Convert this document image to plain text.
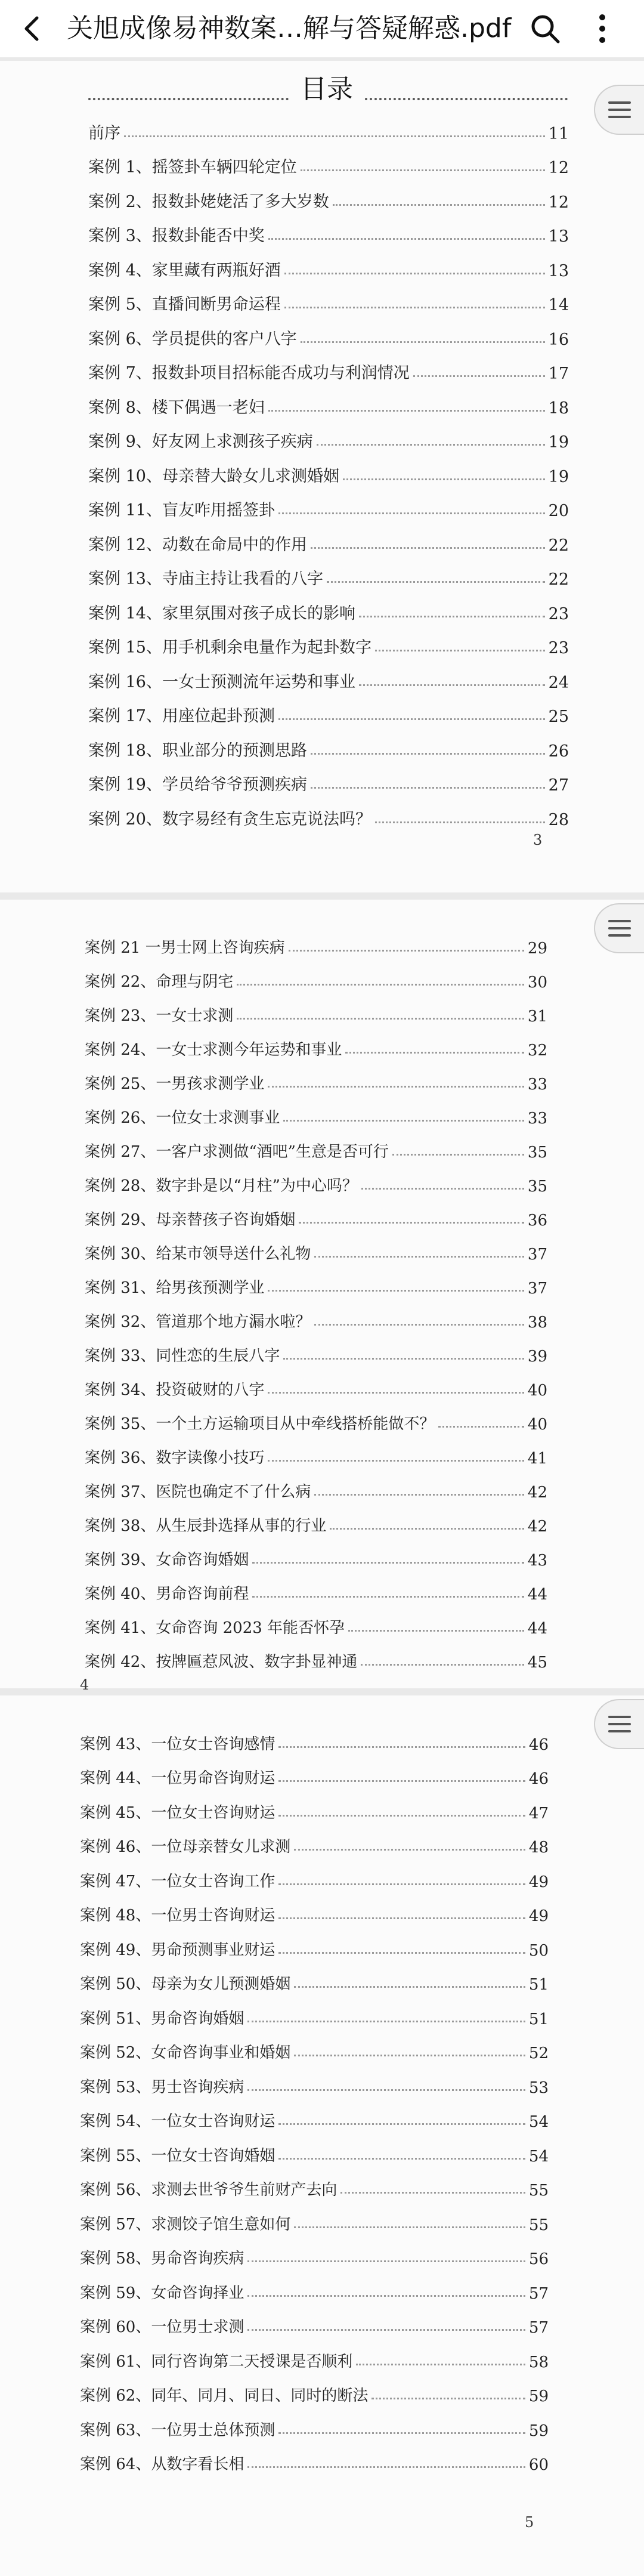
关旭成像易神数案…解与答疑解惑.pdf
目录
前序	11
案例 1、摇签卦车辆四轮定位	12
案例 2、报数卦姥姥活了多大岁数	12
案例 3、报数卦能否中奖	13
案例 4、家里藏有两瓶好酒	13
案例 5、直播间断男命运程	14
案例 6、学员提供的客户八字	16
案例 7、报数卦项目招标能否成功与利润情况	17
案例 8、楼下偶遇一老妇	18
案例 9、好友网上求测孩子疾病	19
案例 10、母亲替大龄女儿求测婚姻	19
案例 11、盲友咋用摇签卦	20
案例 12、动数在命局中的作用	22
案例 13、寺庙主持让我看的八字	22
案例 14、家里氛围对孩子成长的影响	23
案例 15、用手机剩余电量作为起卦数字	23
案例 16、一女士预测流年运势和事业	24
案例 17、用座位起卦预测	25
案例 18、职业部分的预测思路	26
案例 19、学员给爷爷预测疾病	27
案例 20、数字易经有贪生忘克说法吗？	28
3
案例 21 一男士网上咨询疾病	29
案例 22、命理与阴宅	30
案例 23、一女士求测	31
案例 24、一女士求测今年运势和事业	32
案例 25、一男孩求测学业	33
案例 26、一位女士求测事业	33
案例 27、一客户求测做“酒吧”生意是否可行	35
案例 28、数字卦是以“月柱”为中心吗？	35
案例 29、母亲替孩子咨询婚姻	36
案例 30、给某市领导送什么礼物	37
案例 31、给男孩预测学业	37
案例 32、管道那个地方漏水啦？	38
案例 33、同性恋的生辰八字	39
案例 34、投资破财的八字	40
案例 35、一个土方运输项目从中牵线搭桥能做不？	40
案例 36、数字读像小技巧	41
案例 37、医院也确定不了什么病	42
案例 38、从生辰卦选择从事的行业	42
案例 39、女命咨询婚姻	43
案例 40、男命咨询前程	44
案例 41、女命咨询 2023 年能否怀孕	44
案例 42、按牌匾惹风波、数字卦显神通	45
4
案例 43、一位女士咨询感情	46
案例 44、一位男命咨询财运	46
案例 45、一位女士咨询财运	47
案例 46、一位母亲替女儿求测	48
案例 47、一位女士咨询工作	49
案例 48、一位男士咨询财运	49
案例 49、男命预测事业财运	50
案例 50、母亲为女儿预测婚姻	51
案例 51、男命咨询婚姻	51
案例 52、女命咨询事业和婚姻	52
案例 53、男士咨询疾病	53
案例 54、一位女士咨询财运	54
案例 55、一位女士咨询婚姻	54
案例 56、求测去世爷爷生前财产去向	55
案例 57、求测饺子馆生意如何	55
案例 58、男命咨询疾病	56
案例 59、女命咨询择业	57
案例 60、一位男士求测	57
案例 61、同行咨询第二天授课是否顺利	58
案例 62、同年、同月、同日、同时的断法	59
案例 63、一位男士总体预测	59
案例 64、从数字看长相	60
5
